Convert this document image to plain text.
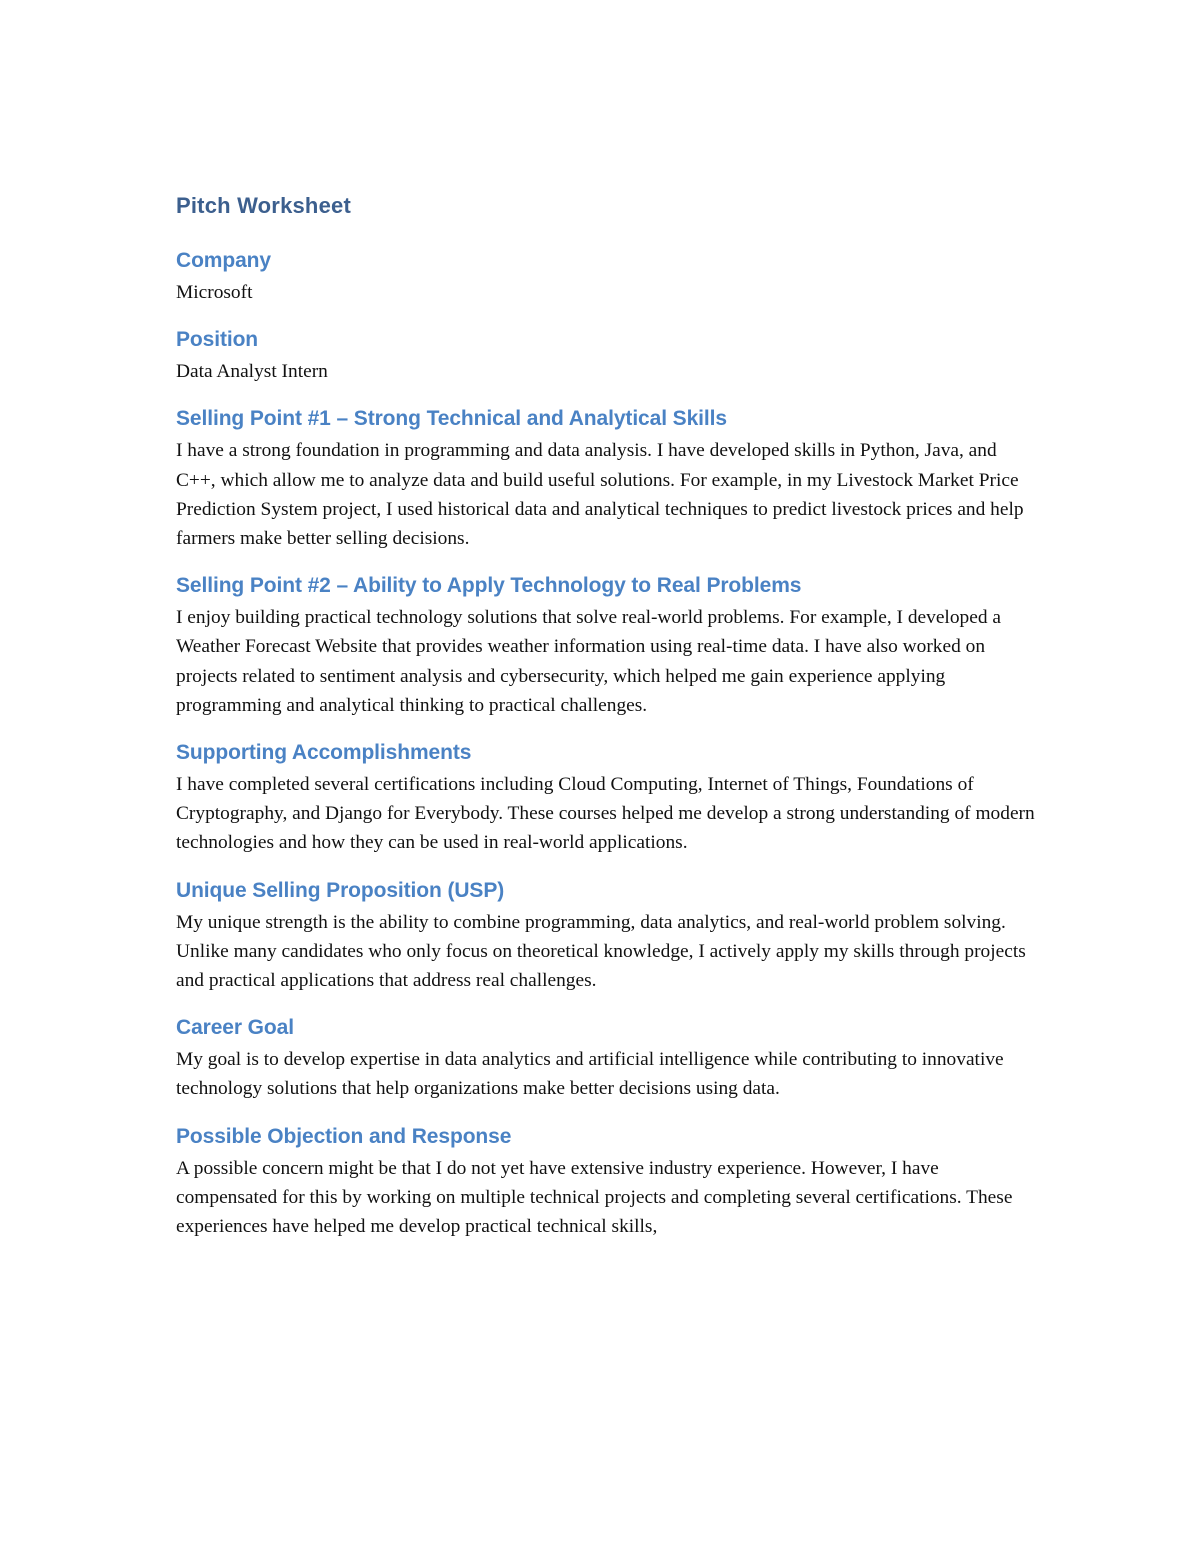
Pitch Worksheet
Company

Microsoft

Position

Data Analyst Intern

Selling Point #1 – Strong Technical and Analytical Skills

I have a strong foundation in programming and data analysis. I have developed skills in Python, Java, and C++, which allow me to analyze data and build useful solutions. For example, in my Livestock Market Price Prediction System project, I used historical data and analytical techniques to predict livestock prices and help farmers make better selling decisions.

Selling Point #2 – Ability to Apply Technology to Real Problems

I enjoy building practical technology solutions that solve real-world problems. For example, I developed a Weather Forecast Website that provides weather information using real-time data. I have also worked on projects related to sentiment analysis and cybersecurity, which helped me gain experience applying programming and analytical thinking to practical challenges.

Supporting Accomplishments

I have completed several certifications including Cloud Computing, Internet of Things, Foundations of Cryptography, and Django for Everybody. These courses helped me develop a strong understanding of modern technologies and how they can be used in real-world applications.

Unique Selling Proposition (USP)

My unique strength is the ability to combine programming, data analytics, and real-world problem solving. Unlike many candidates who only focus on theoretical knowledge, I actively apply my skills through projects and practical applications that address real challenges.

Career Goal

My goal is to develop expertise in data analytics and artificial intelligence while contributing to innovative technology solutions that help organizations make better decisions using data.

Possible Objection and Response

A possible concern might be that I do not yet have extensive industry experience. However, I have compensated for this by working on multiple technical projects and completing several certifications. These experiences have helped me develop practical technical skills,
